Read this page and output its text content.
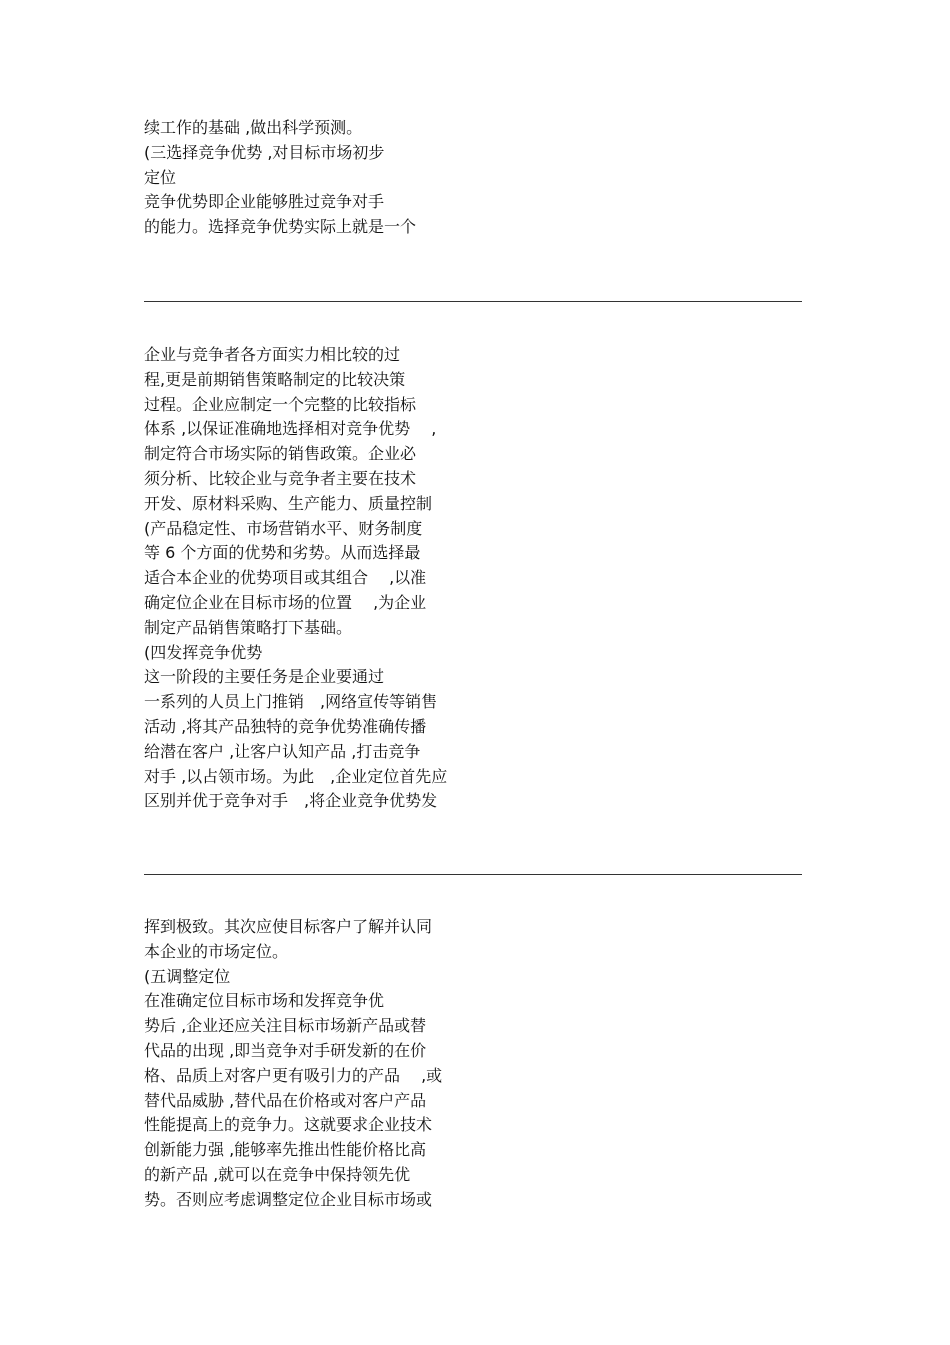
续工作的基础 ,做出科学预测。
(三选择竞争优势 ,对目标市场初步
定位
竞争优势即企业能够胜过竞争对手
的能力。选择竞争优势实际上就是一个
企业与竞争者各方面实力相比较的过
程,更是前期销售策略制定的比较决策
过程。企业应制定一个完整的比较指标
体系 ,以保证准确地选择相对竞争优势　 ,
制定符合市场实际的销售政策。企业必
须分析、比较企业与竞争者主要在技术
开发、原材料采购、生产能力、质量控制
(产品稳定性、市场营销水平、财务制度
等 6 个方面的优势和劣势。从而选择最
适合本企业的优势项目或其组合　 ,以准
确定位企业在目标市场的位置　 ,为企业
制定产品销售策略打下基础。
(四发挥竞争优势
这一阶段的主要任务是企业要通过
一系列的人员上门推销　,网络宣传等销售
活动 ,将其产品独特的竞争优势准确传播
给潜在客户 ,让客户认知产品 ,打击竞争
对手 ,以占领市场。为此　,企业定位首先应
区别并优于竞争对手　,将企业竞争优势发
挥到极致。其次应使目标客户了解并认同
本企业的市场定位。
(五调整定位
在准确定位目标市场和发挥竞争优
势后 ,企业还应关注目标市场新产品或替
代品的出现 ,即当竞争对手研发新的在价
格、品质上对客户更有吸引力的产品　 ,或
替代品威胁 ,替代品在价格或对客户产品
性能提高上的竞争力。这就要求企业技术
创新能力强 ,能够率先推出性能价格比高
的新产品 ,就可以在竞争中保持领先优
势。否则应考虑调整定位企业目标市场或
